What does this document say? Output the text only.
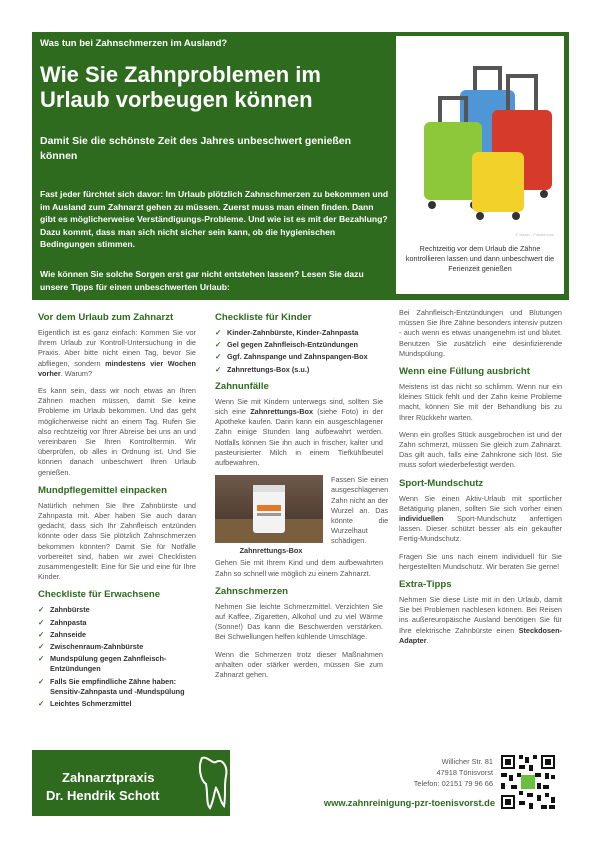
Was tun bei Zahnschmerzen im Ausland?
Wie Sie Zahnproblemen im Urlaub vorbeugen können
Damit Sie die schönste Zeit des Jahres unbeschwert genießen können
Fast jeder fürchtet sich davor: Im Urlaub plötzlich Zahnschmerzen zu bekommen und im Ausland zum Zahnarzt gehen zu müssen. Zuerst muss man einen finden. Dann gibt es möglicherweise Verständigungs-Probleme. Und wie ist es mit der Bezahlung? Dazu kommt, dass man sich nicht sicher sein kann, ob die hygienischen Bedingungen stimmen.
Wie können Sie solche Sorgen erst gar nicht entstehen lassen? Lesen Sie dazu unsere Tipps für einen unbeschwerten Urlaub:
© dizain - Fotolia.com
Rechtzeitig vor dem Urlaub die Zähne kontrollieren lassen und dann unbeschwert die Ferienzeit genießen
Vor dem Urlaub zum Zahnarzt

Eigentlich ist es ganz einfach: Kommen Sie vor Ihrem Urlaub zur Kontroll-Untersuchung in die Praxis. Aber bitte nicht einen Tag, bevor Sie abfliegen, sondern mindestens vier Wochen vorher. Warum?

Es kann sein, dass wir noch etwas an Ihren Zähnen machen müssen, damit Sie keine Probleme im Urlaub bekommen. Und das geht möglicherweise nicht an einem Tag. Rufen Sie also rechtzeitig vor Ihrer Abreise bei uns an und vereinbaren Sie Ihren Kontrolltermin. Wir überprüfen, ob alles in Ordnung ist. Und Sie können danach unbeschwert Ihren Urlaub genießen.

Mundpflegemittel einpacken

Natürlich nehmen Sie Ihre Zahnbürste und Zahnpasta mit. Aber haben Sie auch daran gedacht, dass sich Ihr Zahnfleisch entzünden könnte oder dass Sie plötzlich Zahnschmerzen bekommen könnten? Damit Sie für Notfälle vorbereitet sind, haben wir zwei Checklisten zusammengestellt: Eine für Sie und eine für Ihre Kinder.

Checkliste für Erwachsene
✓ Zahnbürste
✓ Zahnpasta
✓ Zahnseide
✓ Zwischenraum-Zahnbürste
✓ Mundspülung gegen Zahnfleisch-Entzündungen
✓ Falls Sie empfindliche Zähne haben: Sensitiv-Zahnpasta und -Mundspülung
✓ Leichtes Schmerzmittel
Checkliste für Kinder
✓ Kinder-Zahnbürste, Kinder-Zahnpasta
✓ Gel gegen Zahnfleisch-Entzündungen
✓ Ggf. Zahnspange und Zahnspangen-Box
✓ Zahnrettungs-Box (s.u.)
Zahnunfälle

Wenn Sie mit Kindern unterwegs sind, sollten Sie sich eine Zahnrettungs-Box (siehe Foto) in der Apotheke kaufen. Darin kann ein ausgeschlagener Zahn einige Stunden lang aufbewahrt werden. Notfalls können Sie ihn auch in frischer, kalter und pasteurisierter Milch in einem Tiefkühlbeutel aufbewahren.

Zahnrettungs-Box
Fassen Sie einen ausgeschlagenen Zahn nicht an der Wurzel an. Das könnte die Wurzelhaut schädigen.

Gehen Sie mit Ihrem Kind und dem aufbewahrten Zahn so schnell wie möglich zu einem Zahnarzt.

Zahnschmerzen

Nehmen Sie leichte Schmerzmittel. Verzichten Sie auf Kaffee, Zigaretten, Alkohol und zu viel Wärme (Sonne!) Das kann die Beschwerden verstärken. Bei Schwellungen helfen kühlende Umschläge.

Wenn die Schmerzen trotz dieser Maßnahmen anhalten oder stärker werden, müssen Sie zum Zahnarzt gehen.

Bei Zahnfleisch-Entzündungen und Blutungen müssen Sie Ihre Zähne besonders intensiv putzen - auch wenn es etwas unangenehm ist und blutet. Benutzen Sie zusätzlich eine desinfizierende Mundspülung.

Wenn eine Füllung ausbricht

Meistens ist das nicht so schlimm. Wenn nur ein kleines Stück fehlt und der Zahn keine Probleme macht, können Sie mit der Behandlung bis zu Ihrer Rückkehr warten.

Wenn ein großes Stück ausgebrochen ist und der Zahn schmerzt, müssen Sie gleich zum Zahnarzt. Das gilt auch, falls eine Zahnkrone sich löst. Sie muss sofort wiederbefestigt werden.

Sport-Mundschutz

Wenn Sie einen Aktiv-Urlaub mit sportlicher Betätigung planen, sollten Sie sich vorher einen individuellen Sport-Mundschutz anfertigen lassen. Dieser schützt besser als ein gekaufter Fertig-Mundschutz.

Fragen Sie uns nach einem individuell für Sie hergestellten Mundschutz. Wir beraten Sie gerne!

Extra-Tipps

Nehmen Sie diese Liste mit in den Urlaub, damit Sie bei Problemen nachlesen können. Bei Reisen ins außereuropäische Ausland benötigen Sie für Ihre elektrische Zahnbürste einen Steckdosen-Adapter.

Zahnarztpraxis
Dr. Hendrik Schott
Willicher Str. 81
47918 Tönisvorst
Telefon: 02151 79 96 66
www.zahnreinigung-pzr-toenisvorst.de
